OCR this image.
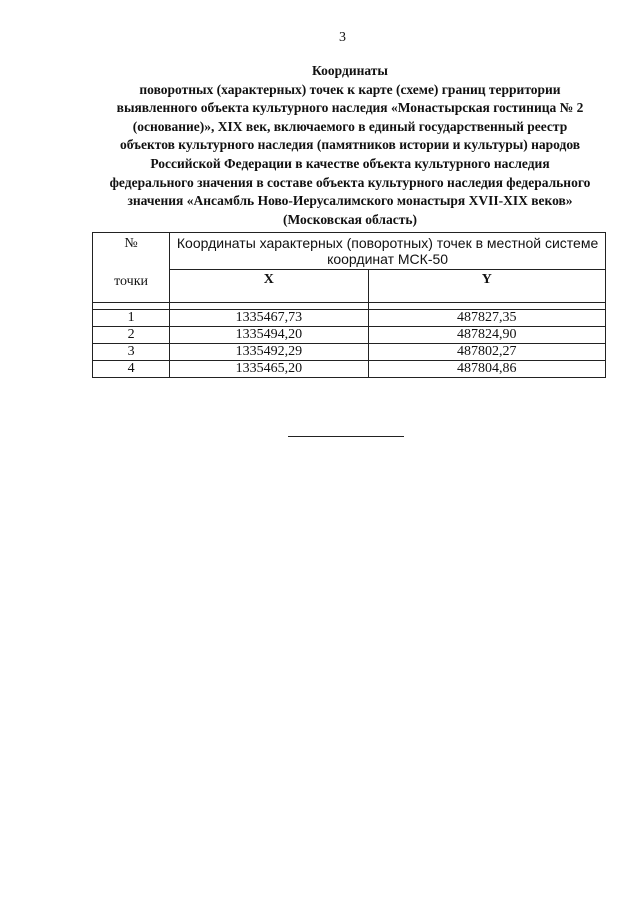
3
Координаты
поворотных (характерных) точек к карте (схеме) границ территории
выявленного объекта культурного наследия «Монастырская гостиница № 2
(основание)», XIX век, включаемого в единый государственный реестр
объектов культурного наследия (памятников истории и культуры) народов
Российской Федерации в качестве объекта культурного наследия
федерального значения в составе объекта культурного наследия федерального
значения «Ансамбль Ново-Иерусалимского монастыря XVII-XIX веков»
(Московская область)
№
точки	Координаты характерных (поворотных) точек в местной системе координат МСК-50	
	X	Y

1	1335467,73	487827,35
2	1335494,20	487824,90
3	1335492,29	487802,27
4	1335465,20	487804,86
